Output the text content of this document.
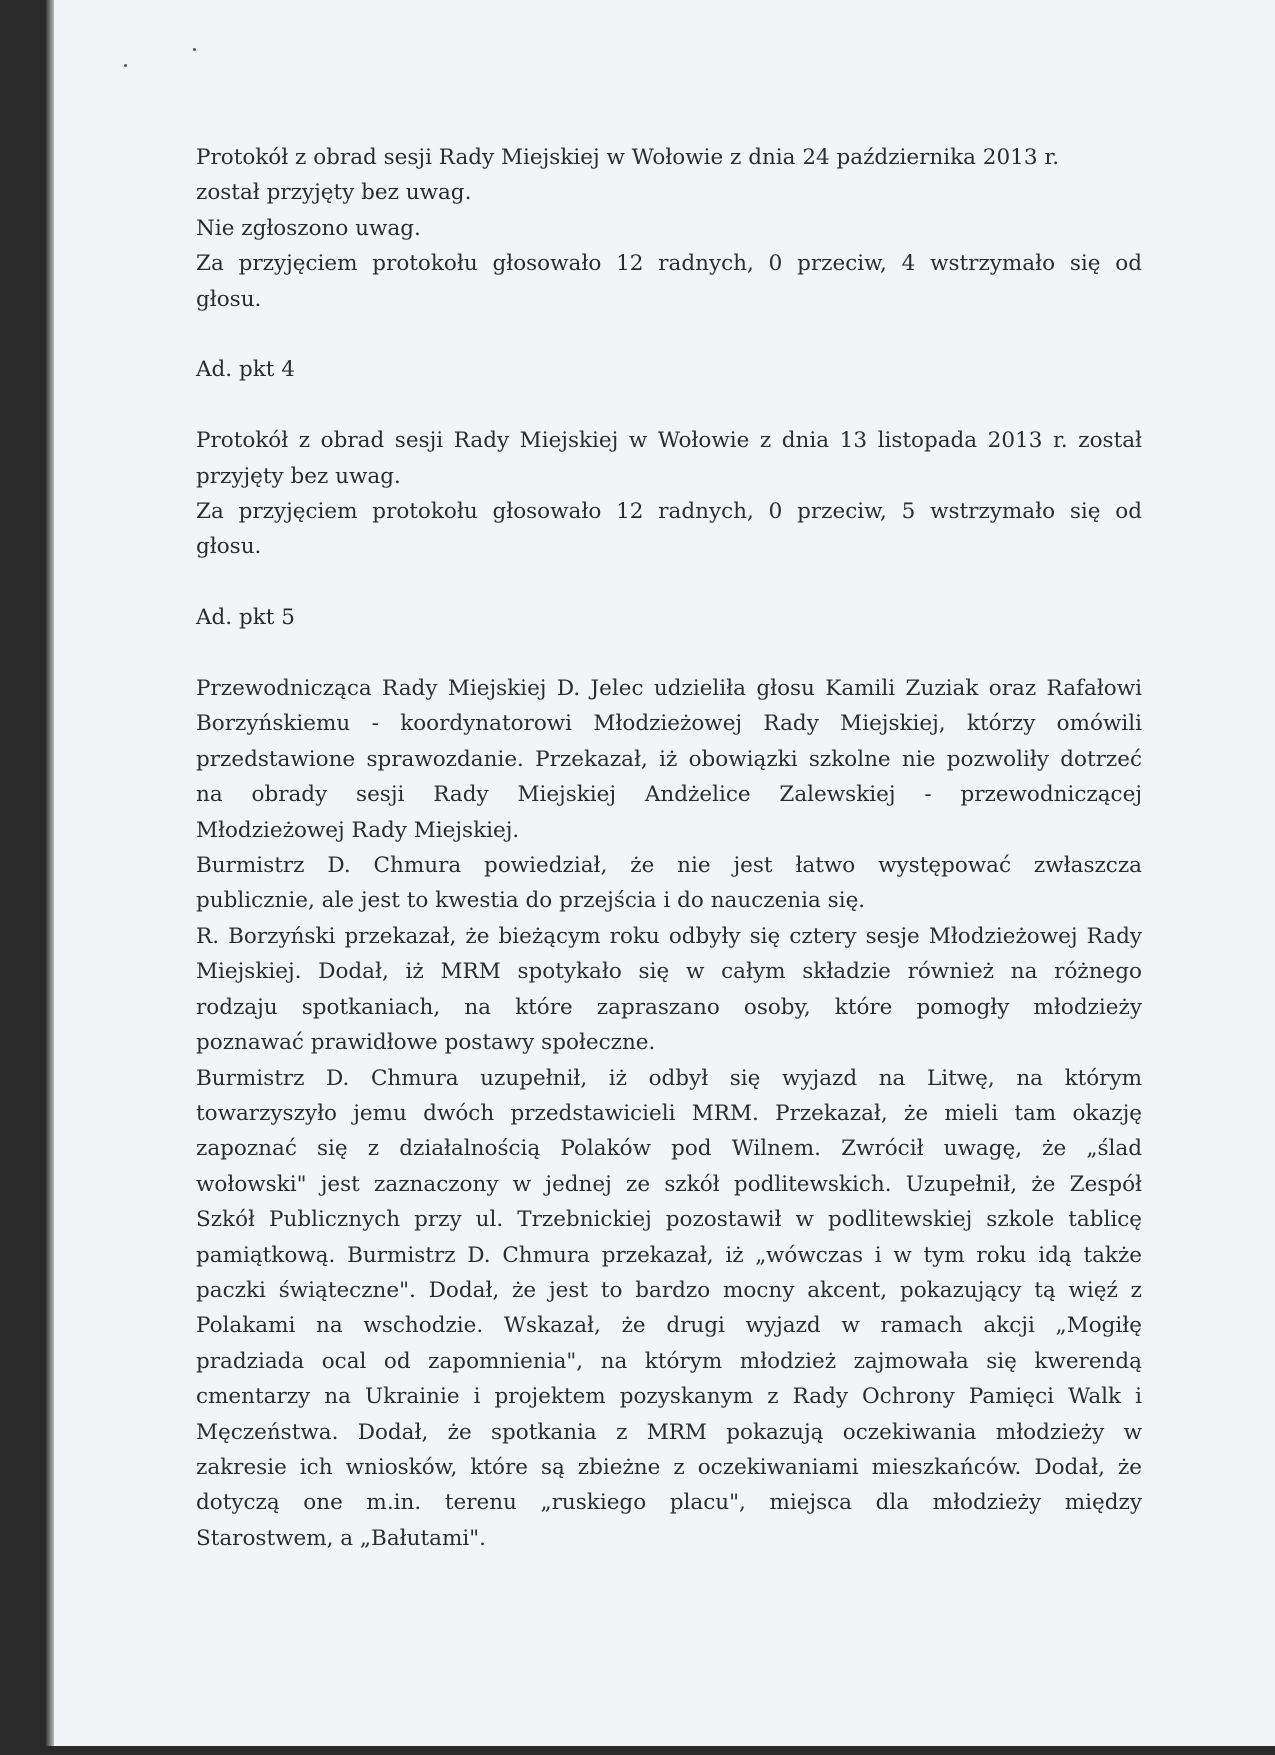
Protokół z obrad sesji Rady Miejskiej w Wołowie z dnia 24 października 2013 r.

został przyjęty bez uwag.

Nie zgłoszono uwag.

Za przyjęciem protokołu głosowało 12 radnych, 0 przeciw, 4 wstrzymało się od

głosu.

Ad. pkt 4

Protokół z obrad sesji Rady Miejskiej w Wołowie z dnia 13 listopada 2013 r. został

przyjęty bez uwag.

Za przyjęciem protokołu głosowało 12 radnych, 0 przeciw, 5 wstrzymało się od

głosu.

Ad. pkt 5

Przewodnicząca Rady Miejskiej D. Jelec udzieliła głosu Kamili Zuziak oraz Rafałowi

Borzyńskiemu - koordynatorowi Młodzieżowej Rady Miejskiej, którzy omówili

przedstawione sprawozdanie. Przekazał, iż obowiązki szkolne nie pozwoliły dotrzeć

na obrady sesji Rady Miejskiej Andżelice Zalewskiej - przewodniczącej

Młodzieżowej Rady Miejskiej.

Burmistrz D. Chmura powiedział, że nie jest łatwo występować zwłaszcza

publicznie, ale jest to kwestia do przejścia i do nauczenia się.

R. Borzyński przekazał, że bieżącym roku odbyły się cztery sesje Młodzieżowej Rady

Miejskiej. Dodał, iż MRM spotykało się w całym składzie również na różnego

rodzaju spotkaniach, na które zapraszano osoby, które pomogły młodzieży

poznawać prawidłowe postawy społeczne.

Burmistrz D. Chmura uzupełnił, iż odbył się wyjazd na Litwę, na którym

towarzyszyło jemu dwóch przedstawicieli MRM. Przekazał, że mieli tam okazję

zapoznać się z działalnością Polaków pod Wilnem. Zwrócił uwagę, że „ślad

wołowski" jest zaznaczony w jednej ze szkół podlitewskich. Uzupełnił, że Zespół

Szkół Publicznych przy ul. Trzebnickiej pozostawił w podlitewskiej szkole tablicę

pamiątkową. Burmistrz D. Chmura przekazał, iż „wówczas i w tym roku idą także

paczki świąteczne". Dodał, że jest to bardzo mocny akcent, pokazujący tą więź z

Polakami na wschodzie. Wskazał, że drugi wyjazd w ramach akcji „Mogiłę

pradziada ocal od zapomnienia", na którym młodzież zajmowała się kwerendą

cmentarzy na Ukrainie i projektem pozyskanym z Rady Ochrony Pamięci Walk i

Męczeństwa. Dodał, że spotkania z MRM pokazują oczekiwania młodzieży w

zakresie ich wniosków, które są zbieżne z oczekiwaniami mieszkańców. Dodał, że

dotyczą one m.in. terenu „ruskiego placu", miejsca dla młodzieży między

Starostwem, a „Bałutami".
